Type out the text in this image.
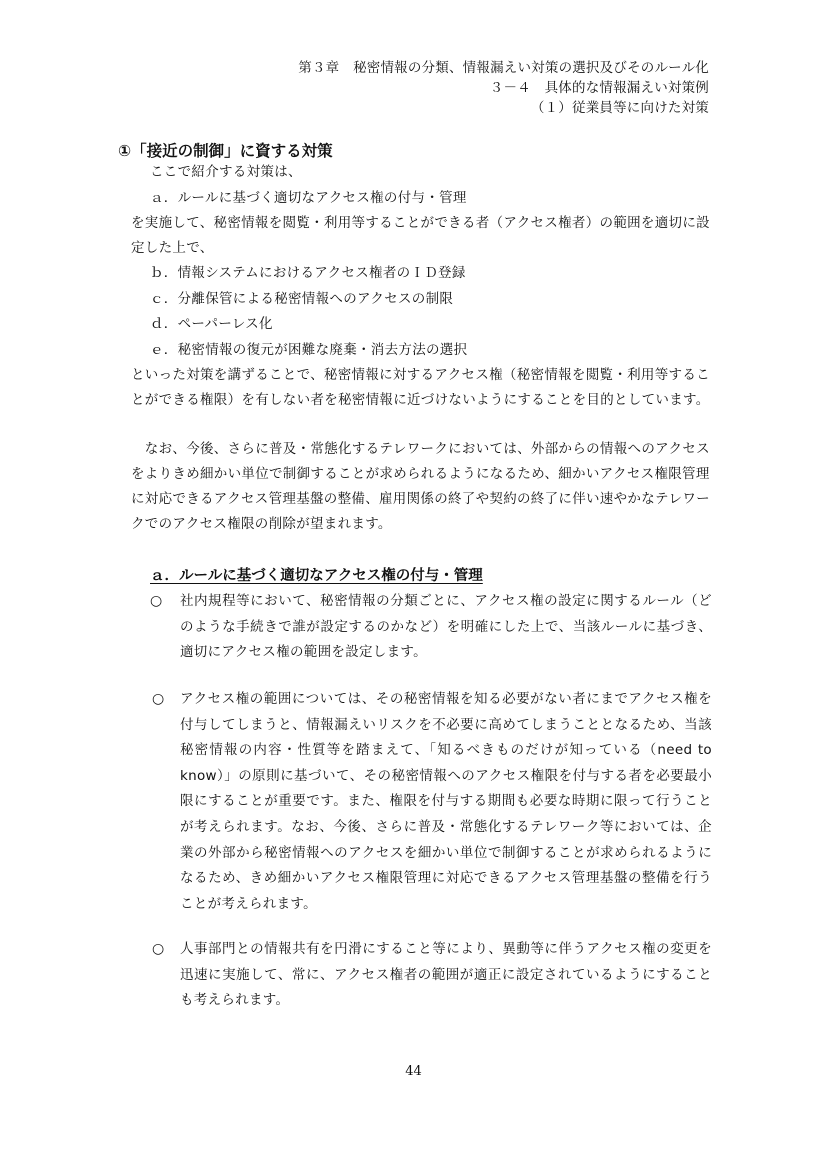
第３章　秘密情報の分類、情報漏えい対策の選択及びそのルール化
３－４　具体的な情報漏えい対策例
（１）従業員等に向けた対策
①「接近の制御」に資する対策

ここで紹介する対策は、

ａ．ルールに基づく適切なアクセス権の付与・管理

を実施して、秘密情報を閲覧・利用等することができる者（アクセス権者）の範囲を適切に設定した上で、

ｂ．情報システムにおけるアクセス権者のＩＤ登録

ｃ．分離保管による秘密情報へのアクセスの制限

ｄ．ペーパーレス化

ｅ．秘密情報の復元が困難な廃棄・消去方法の選択

といった対策を講ずることで、秘密情報に対するアクセス権（秘密情報を閲覧・利用等することができる権限）を有しない者を秘密情報に近づけないようにすることを目的としています。

　なお、今後、さらに普及・常態化するテレワークにおいては、外部からの情報へのアクセスをよりきめ細かい単位で制御することが求められるようになるため、細かいアクセス権限管理に対応できるアクセス管理基盤の整備、雇用関係の終了や契約の終了に伴い速やかなテレワークでのアクセス権限の削除が望まれます。

ａ．ルールに基づく適切なアクセス権の付与・管理
○ 社内規程等において、秘密情報の分類ごとに、アクセス権の設定に関するルール（どのような手続きで誰が設定するのかなど）を明確にした上で、当該ルールに基づき、適切にアクセス権の範囲を設定します。

○ アクセス権の範囲については、その秘密情報を知る必要がない者にまでアクセス権を付与してしまうと、情報漏えいリスクを不必要に高めてしまうこととなるため、当該秘密情報の内容・性質等を踏まえて、「知るべきものだけが知っている（need to know）」の原則に基づいて、その秘密情報へのアクセス権限を付与する者を必要最小限にすることが重要です。また、権限を付与する期間も必要な時期に限って行うことが考えられます。なお、今後、さらに普及・常態化するテレワーク等においては、企業の外部から秘密情報へのアクセスを細かい単位で制御することが求められるようになるため、きめ細かいアクセス権限管理に対応できるアクセス管理基盤の整備を行うことが考えられます。

○ 人事部門との情報共有を円滑にすること等により、異動等に伴うアクセス権の変更を迅速に実施して、常に、アクセス権者の範囲が適正に設定されているようにすることも考えられます。

44
